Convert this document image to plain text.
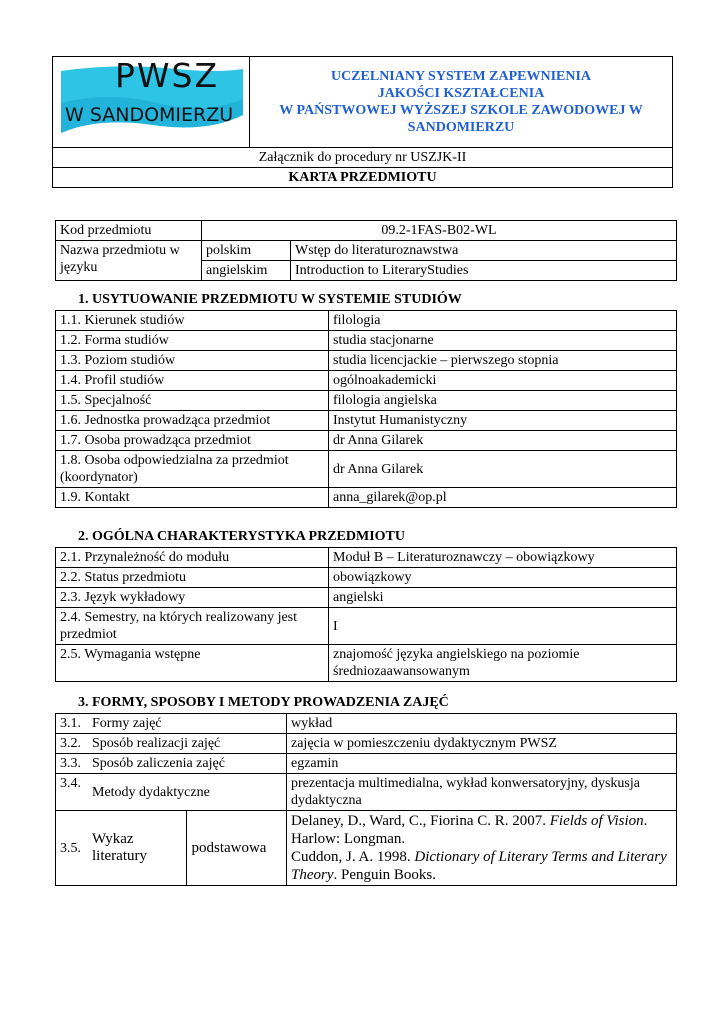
PWSZ
W SANDOMIERZU

UCZELNIANY SYSTEM ZAPEWNIENIA
JAKOŚCI KSZTAŁCENIA
W PAŃSTWOWEJ WYŻSZEJ SZKOLE ZAWODOWEJ W
SANDOMIERZU

Załącznik do procedury nr USZJK-II
KARTA PRZEDMIOTU
Kod przedmiotu	09.2-1FAS-B02-WL	
Nazwa przedmiotu w języku	polskim	Wstęp do literaturoznawstwa
	angielskim	Introduction to LiteraryStudies
1. USYTUOWANIE PRZEDMIOTU W SYSTEMIE STUDIÓW
1.1. Kierunek studiów	filologia
1.2. Forma studiów	studia stacjonarne
1.3. Poziom studiów	studia licencjackie – pierwszego stopnia
1.4. Profil studiów	ogólnoakademicki
1.5. Specjalność	filologia angielska
1.6. Jednostka prowadząca przedmiot	Instytut Humanistyczny
1.7. Osoba prowadząca przedmiot	dr Anna Gilarek
1.8. Osoba odpowiedzialna za przedmiot (koordynator)	dr Anna Gilarek
1.9. Kontakt	anna_gilarek@op.pl
2. OGÓLNA CHARAKTERYSTYKA PRZEDMIOTU
2.1. Przynależność do modułu	Moduł B – Literaturoznawczy – obowiązkowy
2.2. Status przedmiotu	obowiązkowy
2.3. Język wykładowy	angielski
2.4. Semestry, na których realizowany jest przedmiot	I
2.5. Wymagania wstępne	znajomość języka angielskiego na poziomie średniozaawansowanym
3. FORMY, SPOSOBY I METODY PROWADZENIA ZAJĘĆ
3.1.	Formy zajęć		wykład
3.2.	Sposób realizacji zajęć		zajęcia w pomieszczeniu dydaktycznym PWSZ
3.3.	Sposób zaliczenia zajęć		egzamin
3.4.	Metody dydaktyczne		prezentacja multimedialna, wykład konwersatoryjny, dyskusja dydaktyczna
3.5.	Wykaz literatury	podstawowa	Delaney, D., Ward, C., Fiorina C. R. 2007. Fields of Vision. Harlow: Longman.
Cuddon, J. A. 1998. Dictionary of Literary Terms and Literary Theory. Penguin Books.
